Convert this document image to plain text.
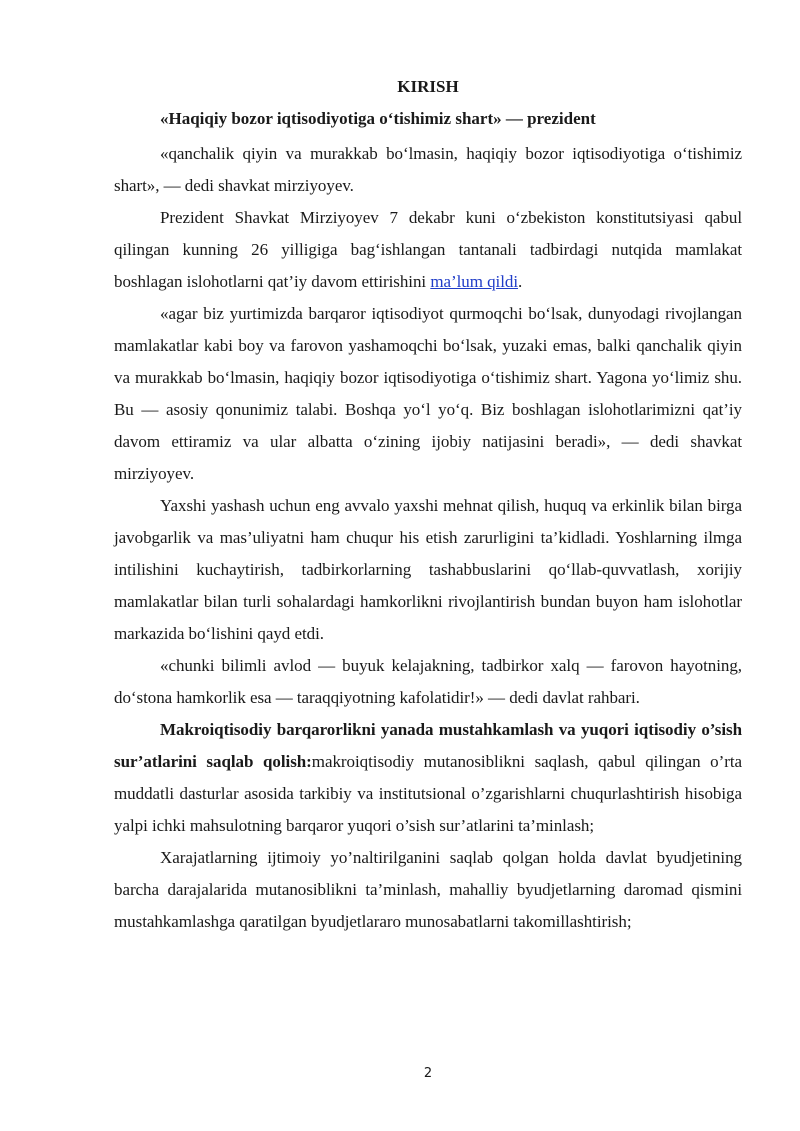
KIRISH
«Haqiqiy bozor iqtisodiyotiga o‘tishimiz shart» — prezident

«qanchalik qiyin va murakkab bo‘lmasin, haqiqiy bozor iqtisodiyotiga o‘tishimiz shart», — dedi shavkat mirziyoyev.

Prezident Shavkat Mirziyoyev 7 dekabr kuni o‘zbekiston konstitutsiyasi qabul qilingan kunning 26 yilligiga bag‘ishlangan tantanali tadbirdagi nutqida mamlakat boshlagan islohotlarni qat’iy davom ettirishini ma’lum qildi.

«agar biz yurtimizda barqaror iqtisodiyot qurmoqchi bo‘lsak, dunyodagi rivojlangan mamlakatlar kabi boy va farovon yashamoqchi bo‘lsak, yuzaki emas, balki qanchalik qiyin va murakkab bo‘lmasin, haqiqiy bozor iqtisodiyotiga o‘tishimiz shart. Yagona yo‘limiz shu. Bu — asosiy qonunimiz talabi. Boshqa yo‘l yo‘q. Biz boshlagan islohotlarimizni qat’iy davom ettiramiz va ular albatta o‘zining ijobiy natijasini beradi», — dedi shavkat mirziyoyev.

Yaxshi yashash uchun eng avvalo yaxshi mehnat qilish, huquq va erkinlik bilan birga javobgarlik va mas’uliyatni ham chuqur his etish zarurligini ta’kidladi. Yoshlarning ilmga intilishini kuchaytirish, tadbirkorlarning tashabbuslarini qo‘llab-quvvatlash, xorijiy mamlakatlar bilan turli sohalardagi hamkorlikni rivojlantirish bundan buyon ham islohotlar markazida bo‘lishini qayd etdi.

«chunki bilimli avlod — buyuk kelajakning, tadbirkor xalq — farovon hayotning, do‘stona hamkorlik esa — taraqqiyotning kafolatidir!» — dedi davlat rahbari.

Makroiqtisodiy barqarorlikni yanada mustahkamlash va yuqori iqtisodiy o’sish sur’atlarini saqlab qolish:makroiqtisodiy mutanosiblikni saqlash, qabul qilingan o’rta muddatli dasturlar asosida tarkibiy va institutsional o’zgarishlarni chuqurlashtirish hisobiga yalpi ichki mahsulotning barqaror yuqori o’sish sur’atlarini ta’minlash;

Xarajatlarning ijtimoiy yo’naltirilganini saqlab qolgan holda davlat byudjetining barcha darajalarida mutanosiblikni ta’minlash, mahalliy byudjetlarning daromad qismini mustahkamlashga qaratilgan byudjetlararo munosabatlarni takomillashtirish;

2
